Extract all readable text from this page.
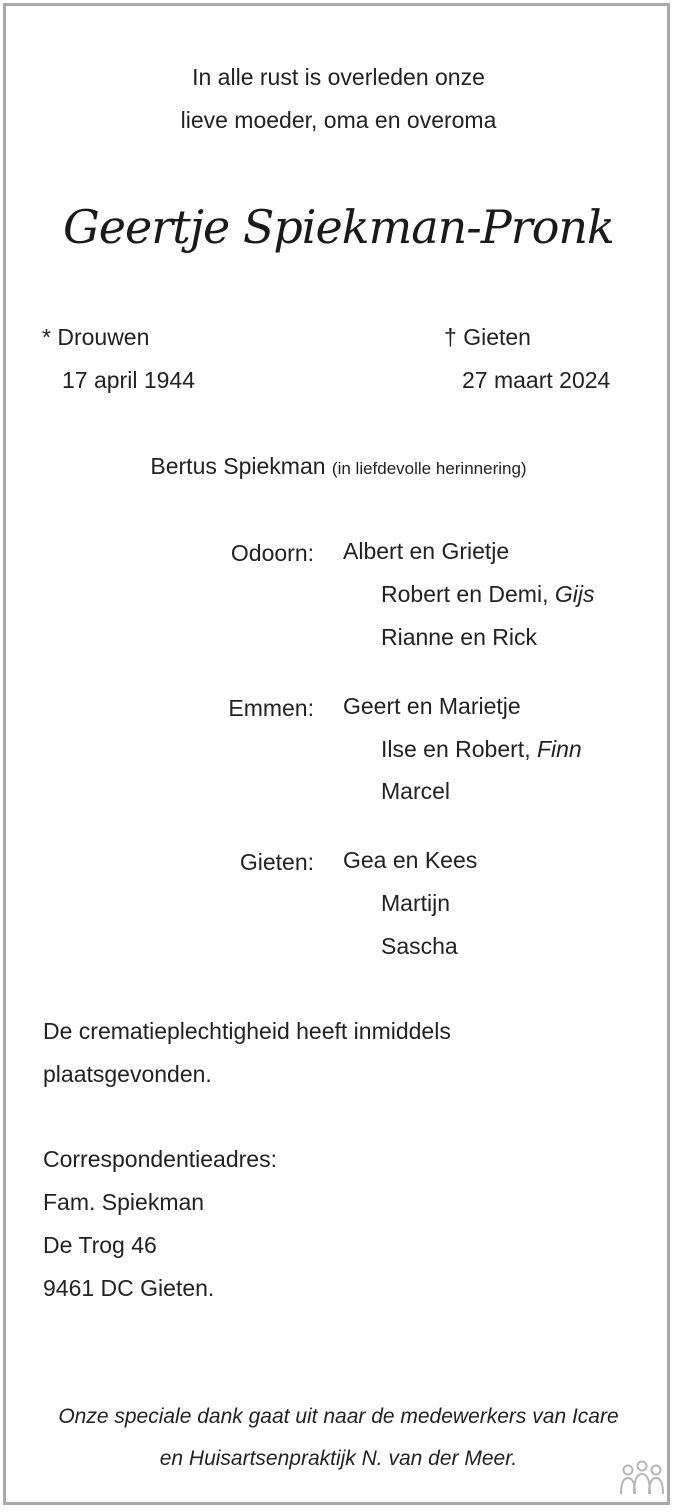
In alle rust is overleden onze
lieve moeder, oma en overoma
Geertje Spiekman-Pronk
* Drouwen
17 april 1944
† Gieten
27 maart 2024
Bertus Spiekman (in liefdevolle herinnering)
Odoorn: Albert en Grietje
Robert en Demi, Gijs
Rianne en Rick
Emmen: Geert en Marietje
Ilse en Robert, Finn
Marcel
Gieten: Gea en Kees
Martijn
Sascha
De crematieplechtigheid heeft inmiddels
plaatsgevonden.
Correspondentieadres:
Fam. Spiekman
De Trog 46
9461 DC Gieten.
Onze speciale dank gaat uit naar de medewerkers van Icare
en Huisartsenpraktijk N. van der Meer.
